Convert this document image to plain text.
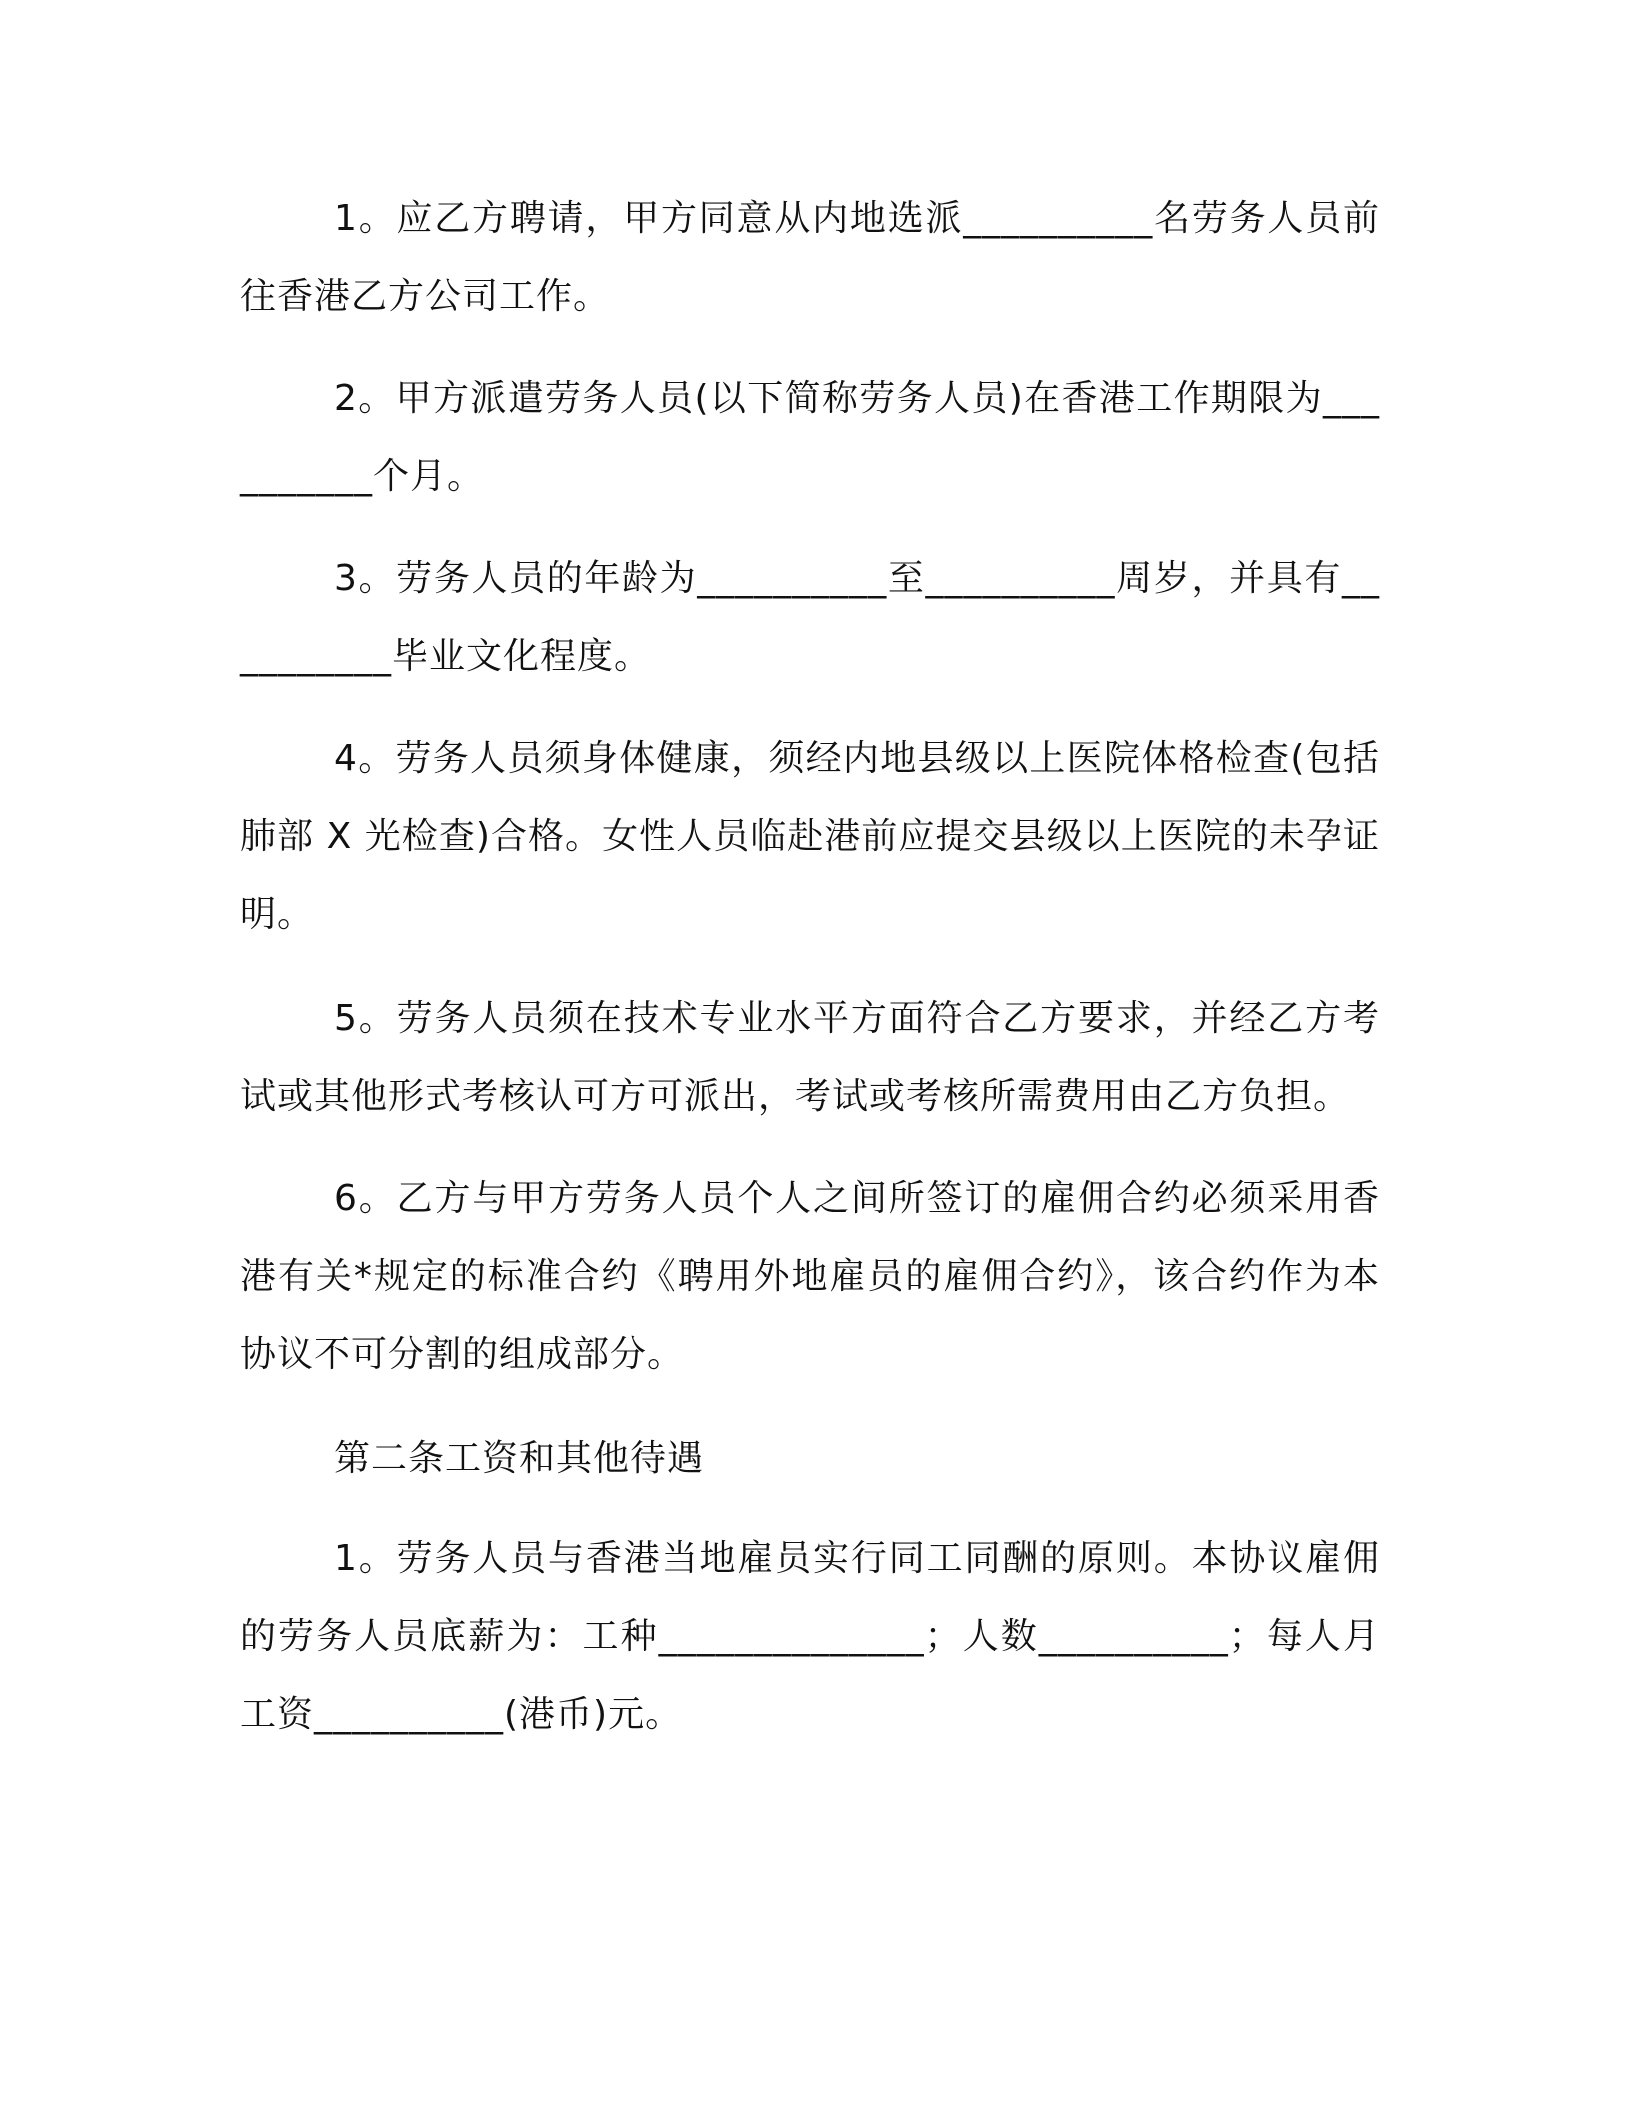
1。应乙方聘请，甲方同意从内地选派__________名劳务人员前往香港乙方公司工作。

2。甲方派遣劳务人员(以下简称劳务人员)在香港工作期限为__________个月。

3。劳务人员的年龄为__________至__________周岁，并具有__________毕业文化程度。

4。劳务人员须身体健康，须经内地县级以上医院体格检查(包括肺部 X 光检查)合格。女性人员临赴港前应提交县级以上医院的未孕证明。

5。劳务人员须在技术专业水平方面符合乙方要求，并经乙方考试或其他形式考核认可方可派出，考试或考核所需费用由乙方负担。

6。乙方与甲方劳务人员个人之间所签订的雇佣合约必须采用香港有关*规定的标准合约《聘用外地雇员的雇佣合约》，该合约作为本协议不可分割的组成部分。

第二条工资和其他待遇

1。劳务人员与香港当地雇员实行同工同酬的原则。本协议雇佣的劳务人员底薪为：工种______________；人数__________；每人月工资__________(港币)元。
